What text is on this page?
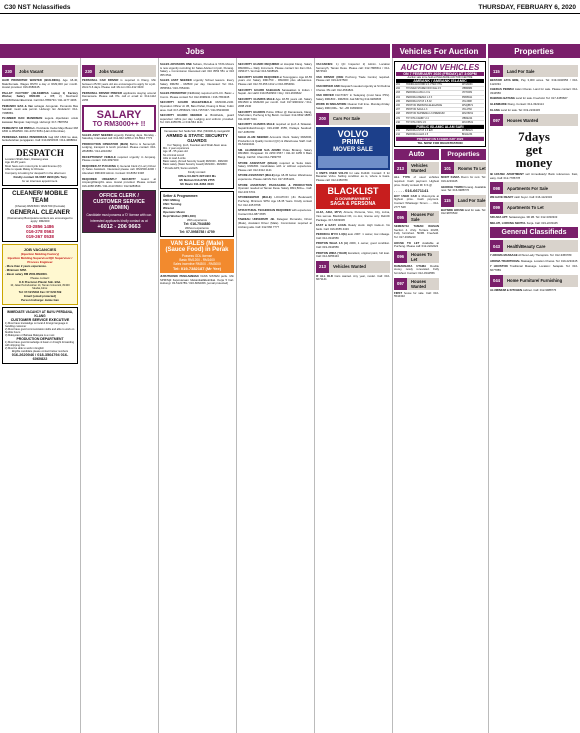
C30 NST Nclassifieds	THURSDAY, FEBRUARY 6, 2020
Jobs	Vehicles For Auction	Properties
230	Jobs Vacant
HAIR PROMOTER WANTED (BUILDING). Age 18-40, Male/Female. Wages RM70 a day or RM2,000 per month. Hostel provided. 016-6680445.
PALLET FACTORY (JB-KEMPAS Lama) 1) Factory Worker, Salary RM1400 + OT, 2) Mechanic Forklift/Welder/Electrical. Call 012-7883733 / 011-1177 4366
PEMANDU BAS & Van sebagai Jurugerak. Pemandu Bas Sekolah mesti ada permit. Hubungi: En Abdulaziz: 012-7288869.
PLUMBER DAN MANDIMAN segera diperlukan untuk kawasan Bangsar. Gaji tinggi. Hubungi: 017-7887654
PEMBANTU AM RM50+1. Pembantu Kedai Maju Besar RM 1800 to RM2500. 011-2372 5051 (Hari di Rembau).
PEREKEBA KERJA PENDIDIKAN Gaji RM 1500 ke atas, berkebolehan pengajaran. Call: 010-8254545 / 012-4688844
DESPATCH
Location:Shah Alam, Rawang area
Age 20-35 years
Must have own motorcycle & valid license (D)
Able to speak Malay & Chinese
Company is looking for despatch in the afternoon
Kindly contact 03-5887 9900 (Ms Tan)
for an interview appointment.
CLEANER/ MOBILE TEAM
(Cheras) RM1500 / RM1700 (Female)
GENERAL CLEANER
(Damansara) Bumiputera workers are encouraged to apply: RM2000
03-2856 1486
016-278 0563
019-267 0538
JOB VACANCIES
(Injection Molding Factory)
Injection Molding Supervisor/QC Supervisor / Process Engineer
- More than 2 years experience.
- Minimum SPM.
- Basic salary RM 2500-RM4000.
Please contact:
K.K Precision Plastic Sdn. Bhd.
10, Jalan Perindustrian 14, Taman Universiti, 81300 Skudai,Johor.
Tel: 07-5215294 Fax: 07-5211799
Email: [email protected]
Person Incharge: Jamie Gan
IMMEDIATE VACANCY AT BAYU PERDANA, KLANG
CUSTOMER SERVICE EXECUTIVE
1) Must have knowledge on local & foreign language in handling customer
2) Must have good communication skills and able to work on flexible hours
3) Malaysian or Bahasa Malaysia is a must
PRODUCTION DEPARTMENT
1) Must have good knowledge & basic on Freight forwarding with shipping line
2) Must be able to work in English
Eligible candidate please contact below numbers
016-2620046 / 018-3564794 016-6060822
230	Jobs Vacant
PERSONAL CAR DRIVER is required in Klang. Min between 25-50 years old are encouraged to apply for a job. Work 5-6 days. Please call: Ms Lim 011-312 3320
PERSONAL DRIVER PREFER applicants staying around Damansara. Please call. Pls. call or email to: 012-1112 2255
SALARY
TO RM3000++ !!
SALES ASST NEEDED urgently Petaling Jaya. Monday - Saturday. Interested call: 012-662 1258 or 03-5512 7773
PRODUCTION OPERATOR (MAN) Behru & Semenyih. Lodging, transport & lunch provided. Please contact: 016-2818886 / 014-2210452
RECEPTIONIST FEMALE required urgently in Ampang. Please contact: 016-3997000
REQUIRED AT PUCHONG 1) General Clerk 2) Lorry Driver 3) Sales Assistant. Interested please call. RM1500-3200 / Attendant RM1300 Admin. Contact: 03-8052 3338
REQUIRED URGENTLY SECURITY Guard at Ampang/Klang/KL area. Hostel provided. Please contact 016-2058 2585 / 011-2113 8464 / 012-9283814
OFFICE CLERK / CUSTOMER SERVICE (ADMIN)
Candidate must possess a 'D' license with car.
Interested applicants kindly contact us at
+6012 - 206 9663
SALES ADVISORS ONE Subaru, Perodua & TATA Motors is now urgently recruiting for Sales Advisor in Ipoh, Penang. Salary + Commission Interested call: 016 3553 551 or 016 355 6511
SALES ASST NEEDED urgently School leavers. Every Salary RM250 - RM500 per day. Interested: Tel: 012-3555564 / 016-7654321
SALES PROMOTER (FEMALE) required at KLCC. Basic + Comm. Please contact Tel: 012-3998241 / 016-7654345
SECURITY GUARD MALE/FEMALE RM1600-2100. Operation Officer At JB, Batu Pahat, Kluang & Muar, Kulim area. Call: 017-2556023 / 013-7157347 / 011-55230000
SECURITY GUARD NEEDED at Brickfields, guard supervisor 12hrs per day. Lodging and uniform provided. Tel: 016-3455781 or 019-564 1121
Kemasukan Seri Sedia Sdn. Bhd. (533200-A) mengambil
ARMED & STATIC SECURITY GUARDS
For Taiping, Ipoh, Kuantan and Shah Alam area
Min. 1 year experience
Age 18 - 55 years old
No criminal record
Able to read & write
Basic salary (Armed Security Guard) RM1600 - RM2400
Basic salary (Static Security Guard) RM1300 - RM1800
* Provide EPF, Socso and EIS
Kindly contact:
Office 03-3974 3971/2/3 Ms
Mr Mohan 014-2729 2755
Mr Ravin 011-6384 3040
Setter & Programmer:
CNC Milling
CNC Turning
Wirecut
Operator Mesin
Dept Worker (RM1,300)
With experience
Tel: 016-7544880
Without experience
Tel: 07-5958758 / 4759
VAN SALES (Male) (Sauce Food) in Perak
Possess GDL license
Basic RM1200 - RM1600
Sales incentive RM300 - RM3000
Tel: 019-7382187 (Mr Yee)
JURUTEKNIK PENGAMBIAN VANS SISTEM perlu. Min SPM/Sijil Kejuruteraan Mekanikal/Elektrikal. Kerja 5 hari. Hubungi: 03-5122789 / 016-6662306, [email protected]
SECURITY GUARD REQUIRED at Hospital Klang. Salary RM2000++. Daily Increment. Please contact: En Zam 012-3356477 / En Faiz 016-5298529.
SECURITY GUARD REQUIRED at Terengganu. Age 18-55 years old. Salary RM1750 - RM2000 plus allowances. Please call: 012-78-356 1012 or 016-9554811
SECURITY GUARD SABAHAN Sarawakian & Indian / Nepali - En Hafiz 019-6540960 / Roy: 013-2603622
SECURITY GUARDS MALE Age 18-55 years old. Salary RM1500 to RM2200 per month. Call: 017-9900102 / 011-2088 2340
SECURITY GUARDS Police Officer @ Damansara, Klang, Shah Alam, Puchong & Sg Buloh. Contact: 012-6692 1888 / 011-3198 7344
SECURITY GUARDS MALE required at Ipoh & Sitiawan. Nepali/Indian/Foreign: 019-2398 4555, Pattaya Seafood: 017-4356789
SHAH ALAM NEEDED Accounts Clerk. Salary RM2000, Production & Quality Control (QC) & Warehouse Staff. Call: 03-51924441
SM. ALHSIMKOM SJA ADMIN Pulau Bintang. Salary RM1800. Pengawal: 01 2250 0567 / 011-33 4455 6 Baru Bangi. Call Mr. Chan 012-7989778
STORE ASSISTANT (MALE) required at Setia Alam. Salary RM1800. Candidates with or without experience. Please call: 012-3312 1121
STORE ASSISTANT (MALE) Age 18-35 below. Warehouse experience. Please call Ms Tan: 017-6651221
STORE ASSISTANT, PACKAGING & PRODUCTION Operator needed at Taman Desa. Salary RM1,500++. Call: 012-233 6701
STOREKEEPER (MALE) LOCATION (Jln Boulevard) Puchong. Minimum SPM. Age 18-35 Years. Kindly contact Tel: 012-345 8798
STRUCTURAL TECHNICIAN REQUIRED with experience. Contact 012-987 6655
TABNIAH UNIVERSITI JB. Delegasi Pemandu, Driver (Male), Assistant Driver (Male). Commission required at Ambang ada. Call: 012-566 7777
VACANCIES: 1) QC Inspector 2) Admin. Location Semenyih, Taman Desa. Please call: 012-7866511 / 012-6874510
VAN DRIVER (ONE Puchong Trade Centre) required. Please call: 019-2237500
VAN DRIVER AND Despatch needed urgently at Sri Delima Cheras. Pls call: 012-4564821
VAN DRIVER FACTORY in Selayang (must have PSV). Salary RM1800 - RM2500. Ask MR Ng 012-9283845
WORK IN SINGAPORE Cleaner Full time. Monday-Friday. Salary RM3,000+. Tel: +65 91839000
200	Cars For Sale
VOLVO
PRIME
MOVER SALE
3 UNITS USED VOLVO for sale FH440. Contact: 6 for Bavarian Volvo. Selling condition as is, where is basis. Please call: 012-2456789
BLACKLIST
D DOWNPAYMENT
SAGA & PERSONA
ALZA, AXIA, MYVI, Almera, Persona, Vios, City, Livina, Vios semua. Blacklisted OK, no doc, license only. Rebirth Package. 017-6639345
FAST & EASY LOAN. Ready stock. High trade-in. No bank. Call: 016-6655 4433
PERODUA MYVI 1.3(G) auto 2007. 1 owner, low mileage. Call: 012-3344556
PROTON WAJA 1.6 (A) 2009, 1 owner, good condition. Call: 019-3344556
PROTON WIRA (YEAR) Excellent, original paint, full loan. Call: 012-6655443
213	Vehicles Wanted
IF ALL OLD Cars wanted. Any year, model. Call: 016-6671141
AUCTION VEHICLES
ON 7 FEBRUARY 2020 (FRIDAY) AT 3:00PM
Auction sale to be held at PLEASURE AUCTION CENTRE
AMBANK / AMBANK ISLAMIC
201	HONDA ACCORD 2.4 VTEC VTIL	WVL6633
202	HYUNDAI STAREX ROYALE 2.5	VBB0880
203	PERODUA AXIA 1.0 G	VKT0009
204	PERODUA BEZZA 1.3 X	PRD8911
205	PERODUA MYVI 1.5 AV	VFL3398
206	PROTON PERSONA ELEGANCE	WSQ8871
207	PROTON SAGA 1.3	VKL4760
208	PROTON SUPREMA 1.6 PREMIUM	WGX5151
209	TOYOTA CAMRY 2.4	VBR2244
210	TOYOTA VIOS 1.5	WUC5531
PUBLIC ISLAMIC ALAM SARI
211	PERODUA MYVI 1.3 EZI	WXB8121
212	PERODUA ALZA 1.5	BNA1234
PREVIEW ON 6 FEBRUARY 2020
TEL NOW! FOR REGISTRATION
Auto
213	Vehicles Wanted
ALL TYPE of used vehicles required. Cash payment. Highest price. Kindly contact Mr K.S @
. . . . . 016-6671141
BUY USED CAR & Motorcycle at highest price. Cash payment. Contact: Whatsapp: Simon ..... 012-2777 548
095	Houses For Sale
SEMENYIH TAMAN IKHSAN Section 4. 2/sty. Terrace 20x65, Fully furnished. 5R4B. Freehold. Tel: 017-3339210
HOUSE TO LET Available at Puchong. Please call: 012-2222222
096	Houses To Let
DAMANSARA UTAMA Double storey, newly renovated. Fully furnished. Contact: 012-3344556
097	Houses Wanted
FIRST house for sale. Call: 016-5544332
Properties
101	Rooms To Let
MONT KIARA Room for rent. Tel: 019-2233445
GEORGE TOWN Penang. Available now. Tel: 016-9988776
115	Land For Sale
BAYSIDE HOUSE land for sale. Tel: 012-9876543
115	Land For Sale
BESTARI JAYA BDB, Pay 3,000 acres. Tel: 019-3344556 / 016-1122334
CHERAS PERMAI Jalan Cheras. Land for sale. Please contact: 012-3344556
RAWANG BATANG Land for sale. Freehold. Tel: 017-4455667
GLENMARIE Klang. Contact: 012-3322114
KLANG Land for sale. Tel: 019-2233445
097	Houses Wanted
7days
get
money
IB HOUSE/ APARTMENT sell immediately! Bank references. Fast, easy. Call: 012-7786778
098	Apartments For Sale
WE HAVE READY cash buyer. Call: 016-1122334
099	Apartments To Let
SRI ARA APT. Setiawangsa. 3R 2B. Tel: 012-3333333
MELATI, LORONG SENTUL Kerja. Call: 019-2233445
General Classifieds
043	Health/Beauty Care
7 AROMA MASSAGE All New Lady Therapists. Tel: 012-3456789
AROMA TRADITIONAL Massage. Location Cheras. Tel: 019-2233445
7 HOUSTON Traditional Massage. Location: Setapak. Tel: 016-6677889
044	Home Furniture/ Furnishing
ALUMINIUM & KITCHEN cabinet. Call: 012-9988776
